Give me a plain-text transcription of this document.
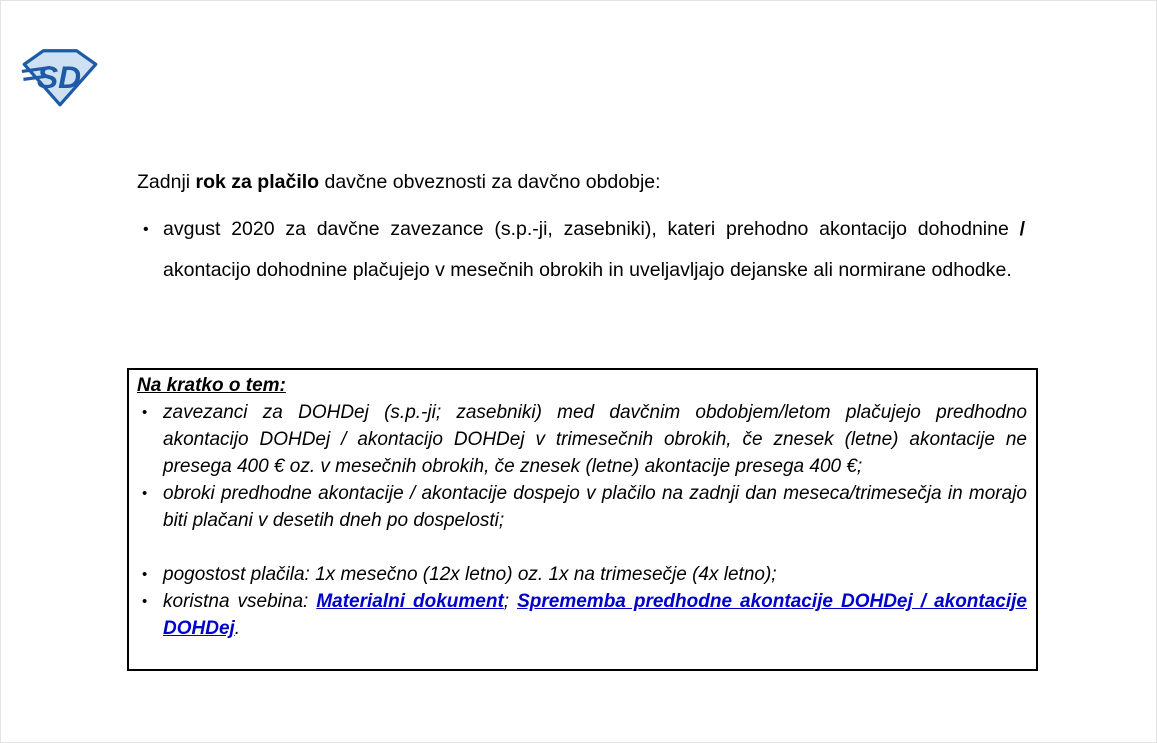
SD
Zadnji rok za plačilo davčne obveznosti za davčno obdobje:
• avgust 2020 za davčne zavezance (s.p.-ji, zasebniki), kateri prehodno akontacijo dohodnine / akontacijo dohodnine plačujejo v mesečnih obrokih in uveljavljajo dejanske ali normirane odhodke.
Na kratko o tem:
• zavezanci za DOHDej (s.p.-ji; zasebniki) med davčnim obdobjem/letom plačujejo predhodno akontacijo DOHDej / akontacijo DOHDej v trimesečnih obrokih, če znesek (letne) akontacije ne presega 400 € oz. v mesečnih obrokih, če znesek (letne) akontacije presega 400 €;
• obroki predhodne akontacije / akontacije dospejo v plačilo na zadnji dan meseca/trimesečja in morajo biti plačani v desetih dneh po dospelosti;
• pogostost plačila: 1x mesečno (12x letno) oz. 1x na trimesečje (4x letno);
• koristna vsebina: Materialni dokument; Sprememba predhodne akontacije DOHDej / akontacije DOHDej.
